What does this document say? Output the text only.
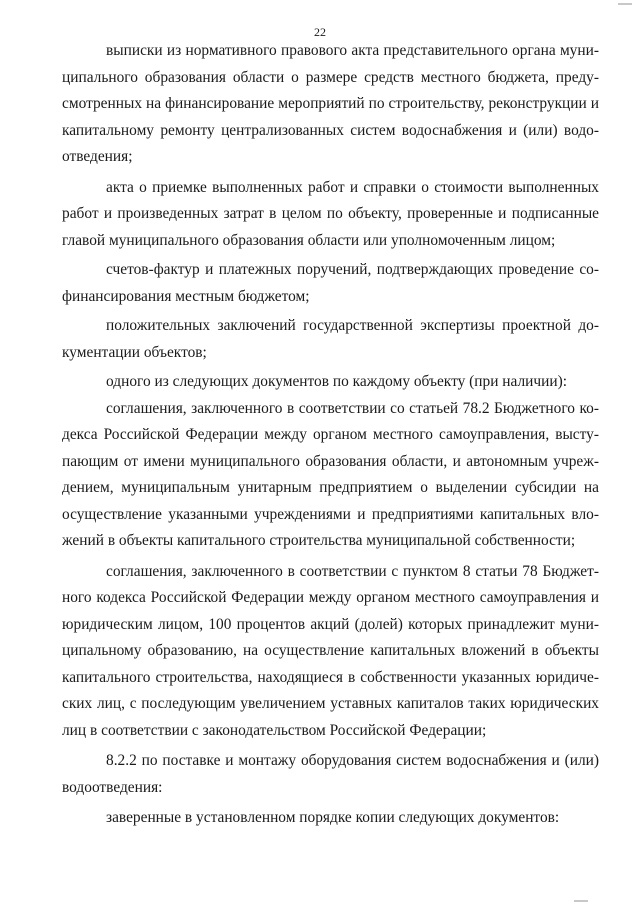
22

выписки из нормативного правового акта представительного органа муниципального образования области о размере средств местного бюджета, предусмотренных на финансирование мероприятий по строительству, реконструкции и капитальному ремонту централизованных систем водоснабжения и (или) водоотведения;

акта о приемке выполненных работ и справки о стоимости выполненных работ и произведенных затрат в целом по объекту, проверенные и подписанные главой муниципального образования области или уполномоченным лицом;

счетов-фактур и платежных поручений, подтверждающих проведение софинансирования местным бюджетом;

положительных заключений государственной экспертизы проектной документации объектов;

одного из следующих документов по каждому объекту (при наличии):

соглашения, заключенного в соответствии со статьей 78.2 Бюджетного кодекса Российской Федерации между органом местного самоуправления, выступающим от имени муниципального образования области, и автономным учреждением, муниципальным унитарным предприятием о выделении субсидии на осуществление указанными учреждениями и предприятиями капитальных вложений в объекты капитального строительства муниципальной собственности;

соглашения, заключенного в соответствии с пунктом 8 статьи 78 Бюджетного кодекса Российской Федерации между органом местного самоуправления и юридическим лицом, 100 процентов акций (долей) которых принадлежит муниципальному образованию, на осуществление капитальных вложений в объекты капитального строительства, находящиеся в собственности указанных юридических лиц, с последующим увеличением уставных капиталов таких юридических лиц в соответствии с законодательством Российской Федерации;

8.2.2 по поставке и монтажу оборудования систем водоснабжения и (или) водоотведения:

заверенные в установленном порядке копии следующих документов:
